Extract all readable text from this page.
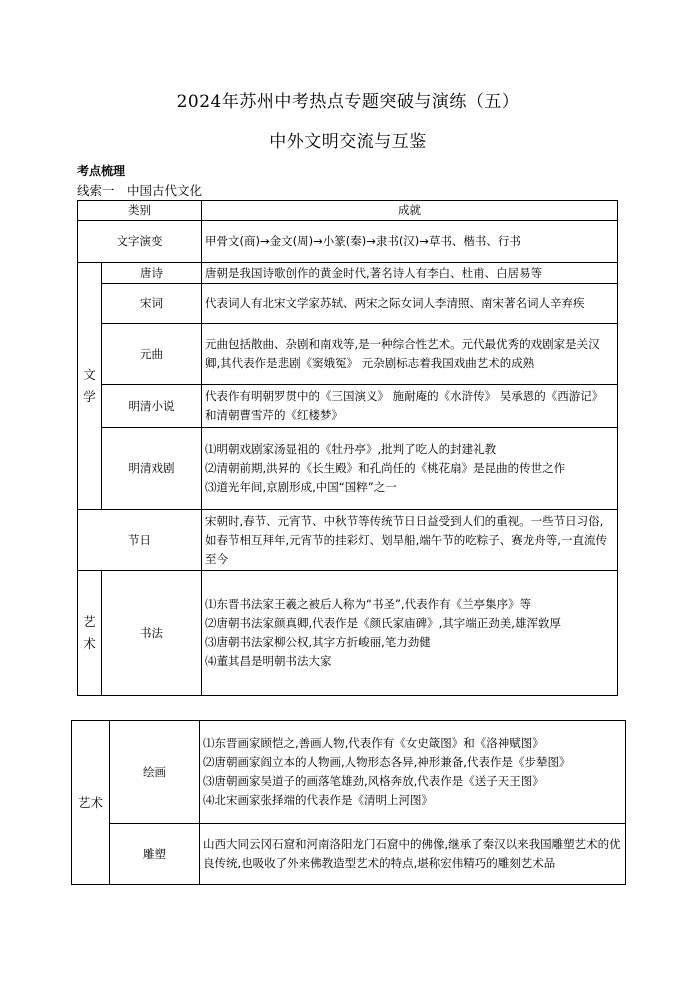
2024年苏州中考热点专题突破与演练（五）
中外文明交流与互鉴
考点梳理
线索一　中国古代文化
类别		成就
文字演变		甲骨文(商)→金文(周)→小篆(秦)→隶书(汉)→草书、楷书、行书
文学	唐诗	唐朝是我国诗歌创作的黄金时代,著名诗人有李白、杜甫、白居易等
	宋词	代表词人有北宋文学家苏轼、两宋之际女词人李清照、南宋著名词人辛弃疾
	元曲	元曲包括散曲、杂剧和南戏等,是一种综合性艺术。元代最优秀的戏剧家是关汉卿,其代表作是悲剧《窦娥冤》 元杂剧标志着我国戏曲艺术的成熟
	明清小说	代表作有明朝罗贯中的《三国演义》 施耐庵的《水浒传》 吴承恩的《西游记》和清朝曹雪芹的《红楼梦》
	明清戏剧	⑴明朝戏剧家汤显祖的《牡丹亭》,批判了吃人的封建礼教
⑵清朝前期,洪昇的《长生殿》和孔尚任的《桃花扇》是昆曲的传世之作
⑶道光年间,京剧形成,中国“国粹”之一

节日		宋朝时,春节、元宵节、中秋节等传统节日日益受到人们的重视。一些节日习俗,如春节相互拜年,元宵节的挂彩灯、划旱船,端午节的吃粽子、赛龙舟等,一直流传至今
艺术	书法	⑴东晋书法家王羲之被后人称为“书圣”,代表作有《兰亭集序》等
⑵唐朝书法家颜真卿,代表作是《颜氏家庙碑》,其字端正劲美,雄浑敦厚
⑶唐朝书法家柳公权,其字方折峻丽,笔力劲健
⑷董其昌是明朝书法大家
艺术	绘画	⑴东晋画家顾恺之,善画人物,代表作有《女史箴图》和《洛神赋图》
⑵唐朝画家阎立本的人物画,人物形态各异,神形兼备,代表作是《步辇图》
⑶唐朝画家吴道子的画落笔雄劲,风格奔放,代表作是《送子天王图》
⑷北宋画家张择端的代表作是《清明上河图》

	雕塑	山西大同云冈石窟和河南洛阳龙门石窟中的佛像,继承了秦汉以来我国雕塑艺术的优良传统,也吸收了外来佛教造型艺术的特点,堪称宏伟精巧的雕刻艺术品
